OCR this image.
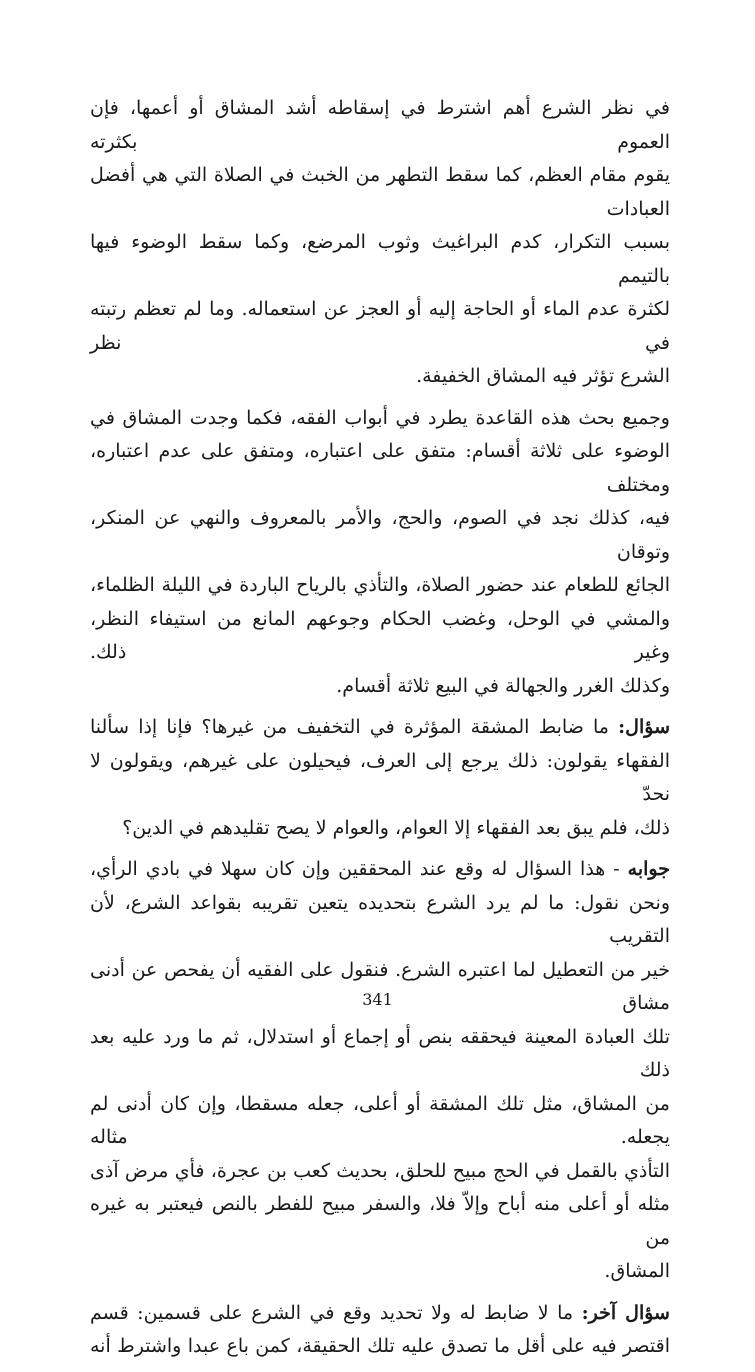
في نظر الشرع أهم اشترط في إسقاطه أشد المشاق أو أعمها، فإن العموم بكثرته
يقوم مقام العظم، كما سقط التطهر من الخبث في الصلاة التي هي أفضل العبادات
بسبب التكرار، كدم البراغيث وثوب المرضع، وكما سقط الوضوء فيها بالتيمم
لكثرة عدم الماء أو الحاجة إليه أو العجز عن استعماله. وما لم تعظم رتبته في نظر
الشرع تؤثر فيه المشاق الخفيفة.
وجميع بحث هذه القاعدة يطرد في أبواب الفقه، فكما وجدت المشاق في
الوضوء على ثلاثة أقسام: متفق على اعتباره، ومتفق على عدم اعتباره، ومختلف
فيه، كذلك نجد في الصوم، والحج، والأمر بالمعروف والنهي عن المنكر، وتوقان
الجائع للطعام عند حضور الصلاة، والتأذي بالرياح الباردة في الليلة الظلماء،
والمشي في الوحل، وغضب الحكام وجوعهم المانع من استيفاء النظر، وغير ذلك.
وكذلك الغرر والجهالة في البيع ثلاثة أقسام.
سؤال: ما ضابط المشقة المؤثرة في التخفيف من غيرها؟ فإنا إذا سألنا
الفقهاء يقولون: ذلك يرجع إلى العرف، فيحيلون على غيرهم، ويقولون لا نحدّ
ذلك، فلم يبق بعد الفقهاء إلا العوام، والعوام لا يصح تقليدهم في الدين؟
جوابه - هذا السؤال له وقع عند المحققين وإن كان سهلا في بادي الرأي،
ونحن نقول: ما لم يرد الشرع بتحديده يتعين تقريبه بقواعد الشرع، لأن التقريب
خير من التعطيل لما اعتبره الشرع. فنقول على الفقيه أن يفحص عن أدنى مشاق
تلك العبادة المعينة فيحققه بنص أو إجماع أو استدلال، ثم ما ورد عليه بعد ذلك
من المشاق، مثل تلك المشقة أو أعلى، جعله مسقطا، وإن كان أدنى لم يجعله. مثاله
التأذي بالقمل في الحج مبيح للحلق، بحديث كعب بن عجرة، فأي مرض آذى
مثله أو أعلى منه أباح وإلاّ فلا، والسفر مبيح للفطر بالنص فيعتبر به غيره من
المشاق.
سؤال آخر: ما لا ضابط له ولا تحديد وقع في الشرع على قسمين: قسم
اقتصر فيه على أقل ما تصدق عليه تلك الحقيقة، كمن باع عبدا واشترط أنه
341
